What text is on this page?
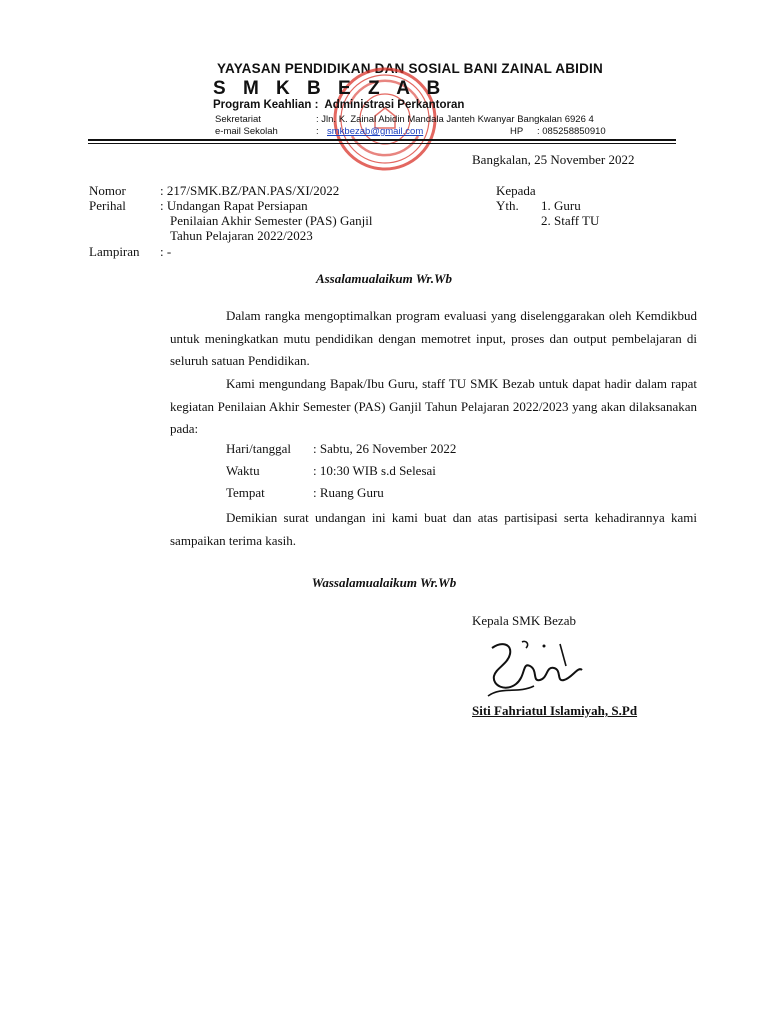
YAYASAN PENDIDIKAN DAN SOSIAL BANI ZAINAL ABIDIN
S M K B E Z A B
Program Keahlian : Administrasi Perkantoran
Sekretariat	: Jln. K. Zainal Abidin Mandala Janteh Kwanyar Bangkalan 6926 4
e-mail Sekolah	: smkbezab@gmail.com	HP : 085258850910
Bangkalan, 25 November 2022
Nomor	: 217/SMK.BZ/PAN.PAS/XI/2022
Perihal	: Undangan Rapat Persiapan
Penilaian Akhir Semester (PAS) Ganjil
Tahun Pelajaran 2022/2023
Lampiran : -
Kepada
Yth. 1. Guru
2. Staff TU
Assalamualaikum Wr.Wb
Dalam rangka mengoptimalkan program evaluasi yang diselenggarakan oleh Kemdikbud untuk meningkatkan mutu pendidikan dengan memotret input, proses dan output pembelajaran di seluruh satuan Pendidikan.
Kami mengundang Bapak/Ibu Guru, staff TU SMK Bezab untuk dapat hadir dalam rapat kegiatan Penilaian Akhir Semester (PAS) Ganjil Tahun Pelajaran 2022/2023 yang akan dilaksanakan pada:
Hari/tanggal : Sabtu, 26 November 2022
Waktu	: 10:30 WIB s.d Selesai
Tempat	: Ruang Guru
Demikian surat undangan ini kami buat dan atas partisipasi serta kehadirannya kami sampaikan terima kasih.
Wassalamualaikum Wr.Wb
Kepala SMK Bezab
Siti Fahriatul Islamiyah, S.Pd
